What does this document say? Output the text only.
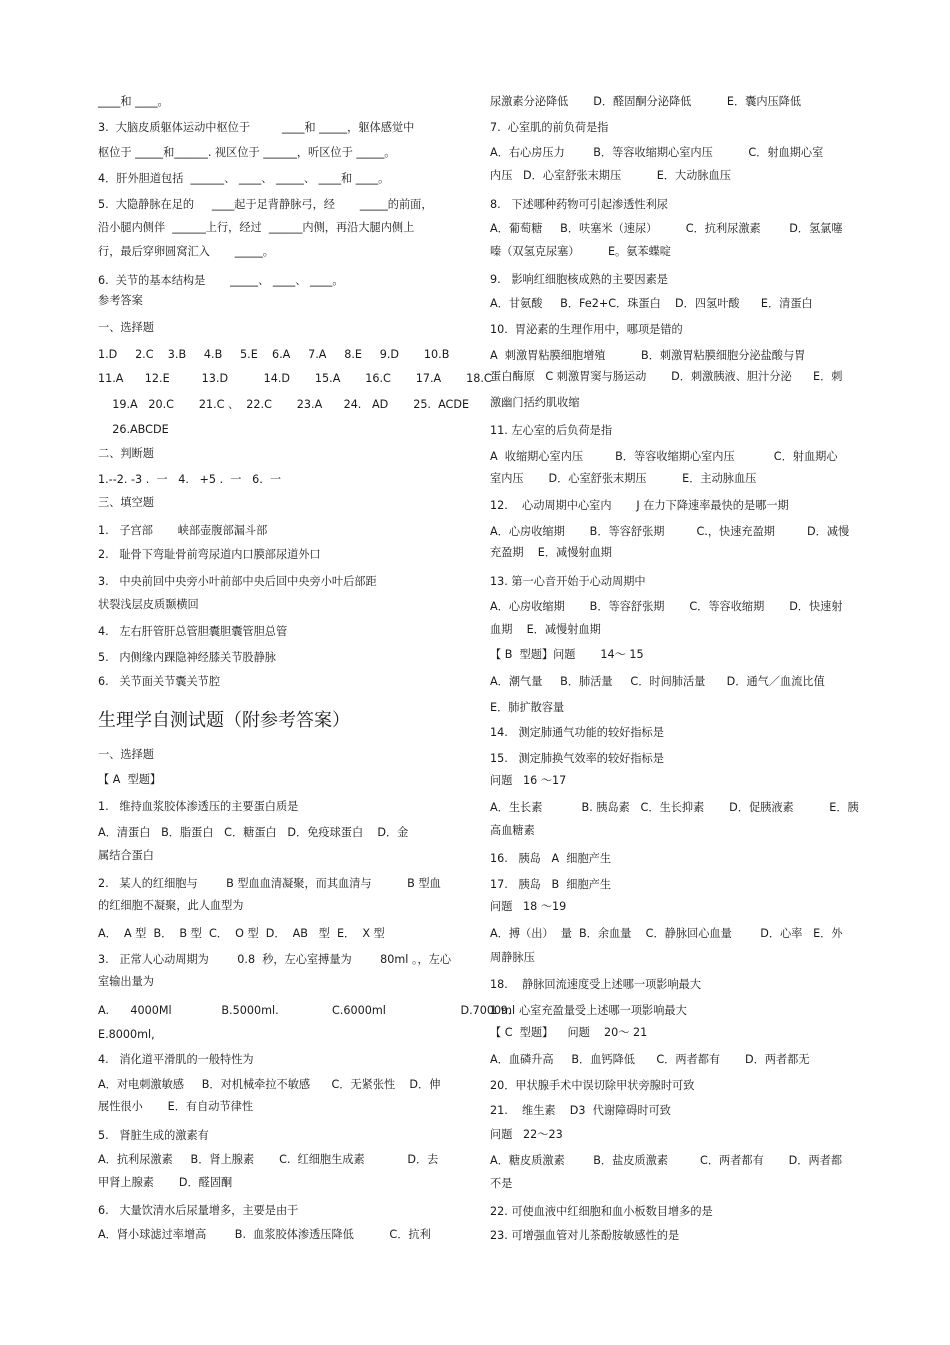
____和 ____。
3.  大脑皮质躯体运动中枢位于         ____和 _____，躯体感觉中
枢位于 _____和______. 视区位于 ______，听区位于 _____。
4．肝外胆道包括  ______、 ____、 _____、 ____和 ____。
5.  大隐静脉在足的     ____起于足背静脉弓，经       _____的前面，
沿小腿内侧伴  ______上行，经过  ______内侧，再沿大腿内侧上
行，最后穿卵圆窝汇入       _____。
6.  关节的基本结构是       _____、 ____、 ____。
参考答案
一、选择题
1.D     2.C    3.B     4.B     5.E    6.A     7.A     8.E     9.D       10.B
11.A      12.E         13.D          14.D       15.A       16.C       17.A       18.C
19.A   20.C       21.C 、  22.C       23.A      24.   AD       25.  ACDE
26.ABCDE
二、判断题
1.--2. -3 .  一   4.   +5 .  一   6.  一
三、填空题
1.   子宫部       峡部壶腹部漏斗部
2.   耻骨下弯耻骨前弯尿道内口膜部尿道外口
3.   中央前回中央旁小叶前部中央后回中央旁小叶后部距
状裂浅层皮质颞横回
4.   左右肝管肝总管胆囊胆囊管胆总管
5.   内侧缘内踝隐神经膝关节股静脉
6.   关节面关节囊关节腔
生理学自测试题（附参考答案）
一、选择题
【 A  型题】
1.   维持血浆胶体渗透压的主要蛋白质是
A．清蛋白   B．脂蛋白   C．糖蛋白   D．免疫球蛋白    D．金
属结合蛋白
2.   某人的红细胞与        B 型血血清凝聚，而其血清与          B 型血
的红细胞不凝聚，此人血型为
A．  A 型  B．  B 型  C．  O 型  D．  AB   型  E．  X 型
3.   正常人心动周期为        0.8  秒，左心室搏量为        80ml 。，左心
室输出量为
A.      4000Ml              B.5000ml.               C.6000ml                     D.7000ml
E.8000ml,
4.   消化道平滑肌的一般特性为
A．对电刺激敏感     B．对机械牵拉不敏感      C．无紧张性    D．伸
展性很小       E．有自动节律性
5.   肾脏生成的激素有
A．抗利尿激素     B．肾上腺素       C.  红细胞生成素            D．去
甲肾上腺素       D．醛固酮
6.   大量饮清水后尿量增多，主要是由于
A．肾小球滤过率增高        B.  血浆胶体渗透压降低          C．抗利
尿激素分泌降低       D．醛固酮分泌降低          E．囊内压降低
7.  心室肌的前负荷是指
A．右心房压力        B．等容收缩期心室内压          C．射血期心室
内压   D．心室舒张末期压          E．大动脉血压
8.   下述哪种药物可引起渗透性利尿
A．葡萄糖     B．呋塞米（速尿）        C．抗利尿激素        D．氢氯噻
嗪（双氢克尿塞）        E。氨苯蝶啶
9.   影响红细胞核成熟的主要因素是
A．甘氨酸     B．Fe2+C．珠蛋白    D．四氢叶酸      E．清蛋白
10.  胃泌素的生理作用中，哪项是错的
A  刺激胃粘膜细胞增殖          B．刺激胃粘膜细胞分泌盐酸与胃
蛋白酶原   C 刺激胃窦与肠运动       D．刺激胰液、胆汁分泌      E．刺
激幽门括约肌收缩
11. 左心室的后负荷是指
A  收缩期心室内压         B．等容收缩期心室内压           C．射血期心
室内压       D．心室舒张末期压          E．主动脉血压
12.    心动周期中心室内       J 在力下降速率最快的是哪一期
A．心房收缩期       B．等容舒张期         C.，快速充盈期         D．减慢
充盈期    E．减慢射血期
13. 第一心音开始于心动周期中
A．心房收缩期       B．等容舒张期       C．等容收缩期       D．快速射
血期    E．减慢射血期
【 B  型题】问题       14～ 15
A．潮气量     B．肺活量     C．时间肺活量      D．通气／血流比值
E．肺扩散容量
14.   测定肺通气功能的较好指标是
15.   测定肺换气效率的较好指标是
问题   16 ～17
A．生长素           B. 胰岛素   C．生长抑素       D．促胰液素          E．胰
高血糖素
16.   胰岛   A  细胞产生
17.   胰岛   B  细胞产生
问题   18 ～19
A．搏（出）  量  B．余血量    C．静脉回心血量        D．心率   E．外
周静脉压
18.    静脉回流速度受上述哪一项影响最大
1 9．心室充盈量受上述哪一项影响最大
【 C  型题】    问题    20～ 21
A．血磷升高     B．血钙降低      C．两者都有       D．两者都无
20．甲状腺手术中误切除甲状旁腺时可致
21.    维生素    D3  代谢障碍时可致
问题   22～23
A．糖皮质激素        B．盐皮质激素         C．两者都有       D．两者都
不是
22. 可使血液中红细胞和血小板数目增多的是
23. 可增强血管对儿茶酚胺敏感性的是
